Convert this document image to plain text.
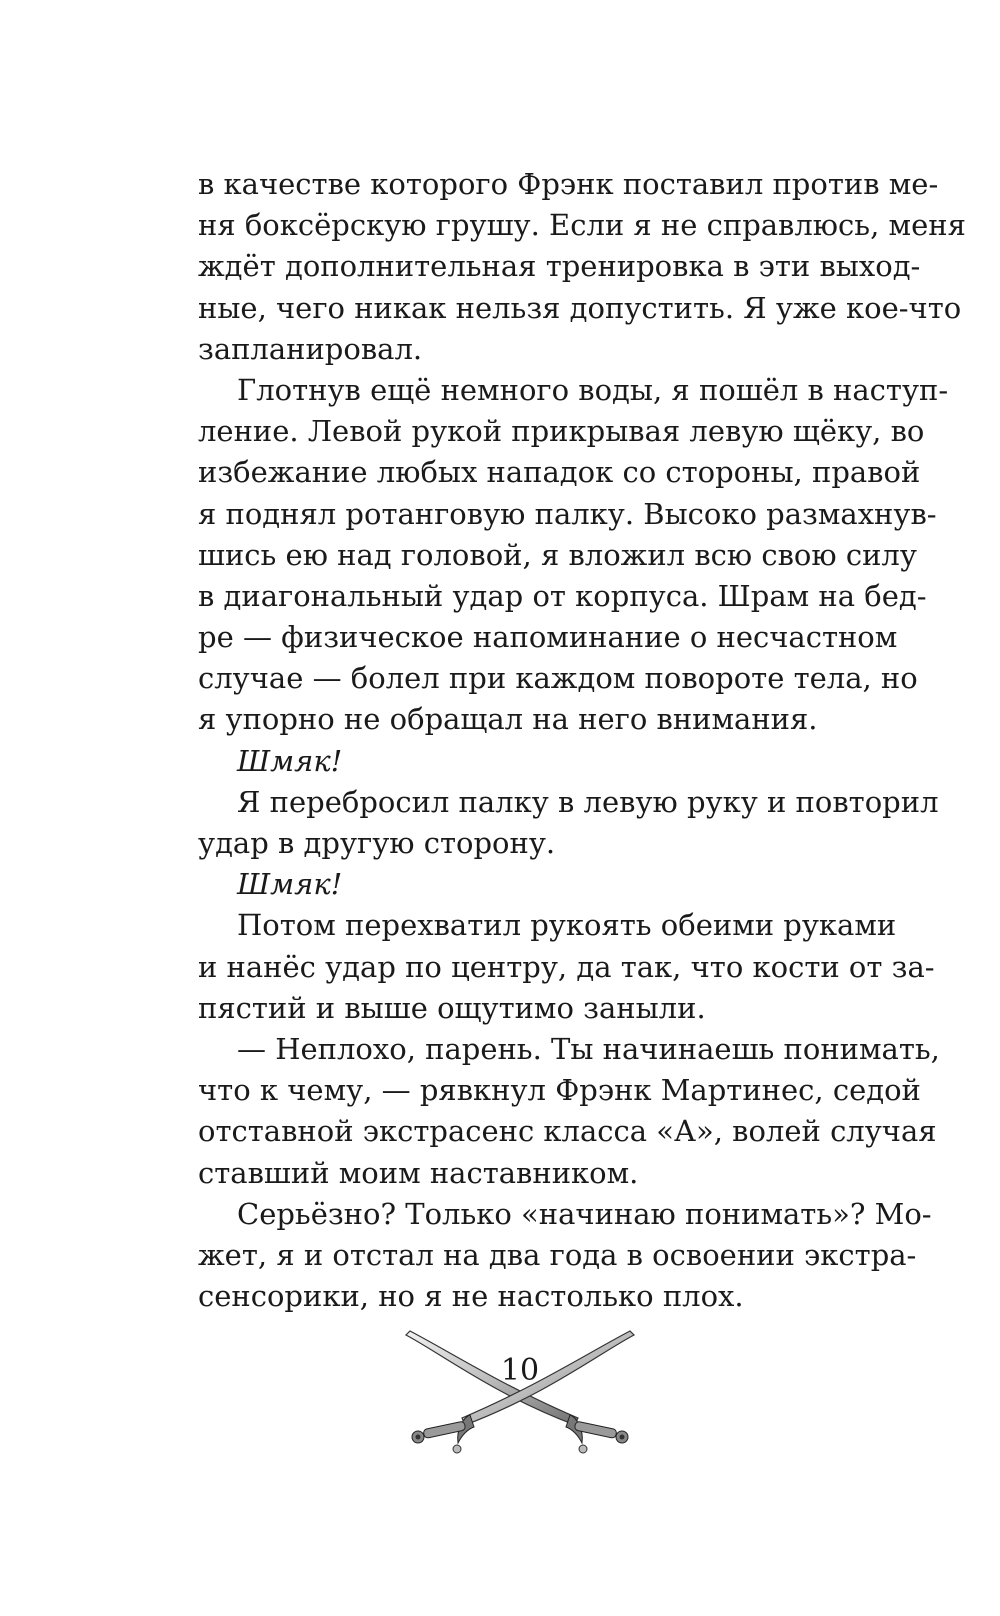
в качестве которого Фрэнк поставил против ме-
ня боксёрскую грушу. Если я не справлюсь, меня
ждёт дополнительная тренировка в эти выход-
ные, чего никак нельзя допустить. Я уже кое-что
запланировал.
Глотнув ещё немного воды, я пошёл в наступ-
ление. Левой рукой прикрывая левую щёку, во
избежание любых нападок со стороны, правой
я поднял ротанговую палку. Высоко размахнув-
шись ею над головой, я вложил всю свою силу
в диагональный удар от корпуса. Шрам на бед-
ре — физическое напоминание о несчастном
случае — болел при каждом повороте тела, но
я упорно не обращал на него внимания.
Шмяк!
Я перебросил палку в левую руку и повторил
удар в другую сторону.
Шмяк!
Потом перехватил рукоять обеими руками
и нанёс удар по центру, да так, что кости от за-
пястий и выше ощутимо заныли.
— Неплохо, парень. Ты начинаешь понимать,
что к чему, — рявкнул Фрэнк Мартинес, седой
отставной экстрасенс класса «А», волей случая
ставший моим наставником.
Серьёзно? Только «начинаю понимать»? Мо-
жет, я и отстал на два года в освоении экстра-
сенсорики, но я не настолько плох.
10
